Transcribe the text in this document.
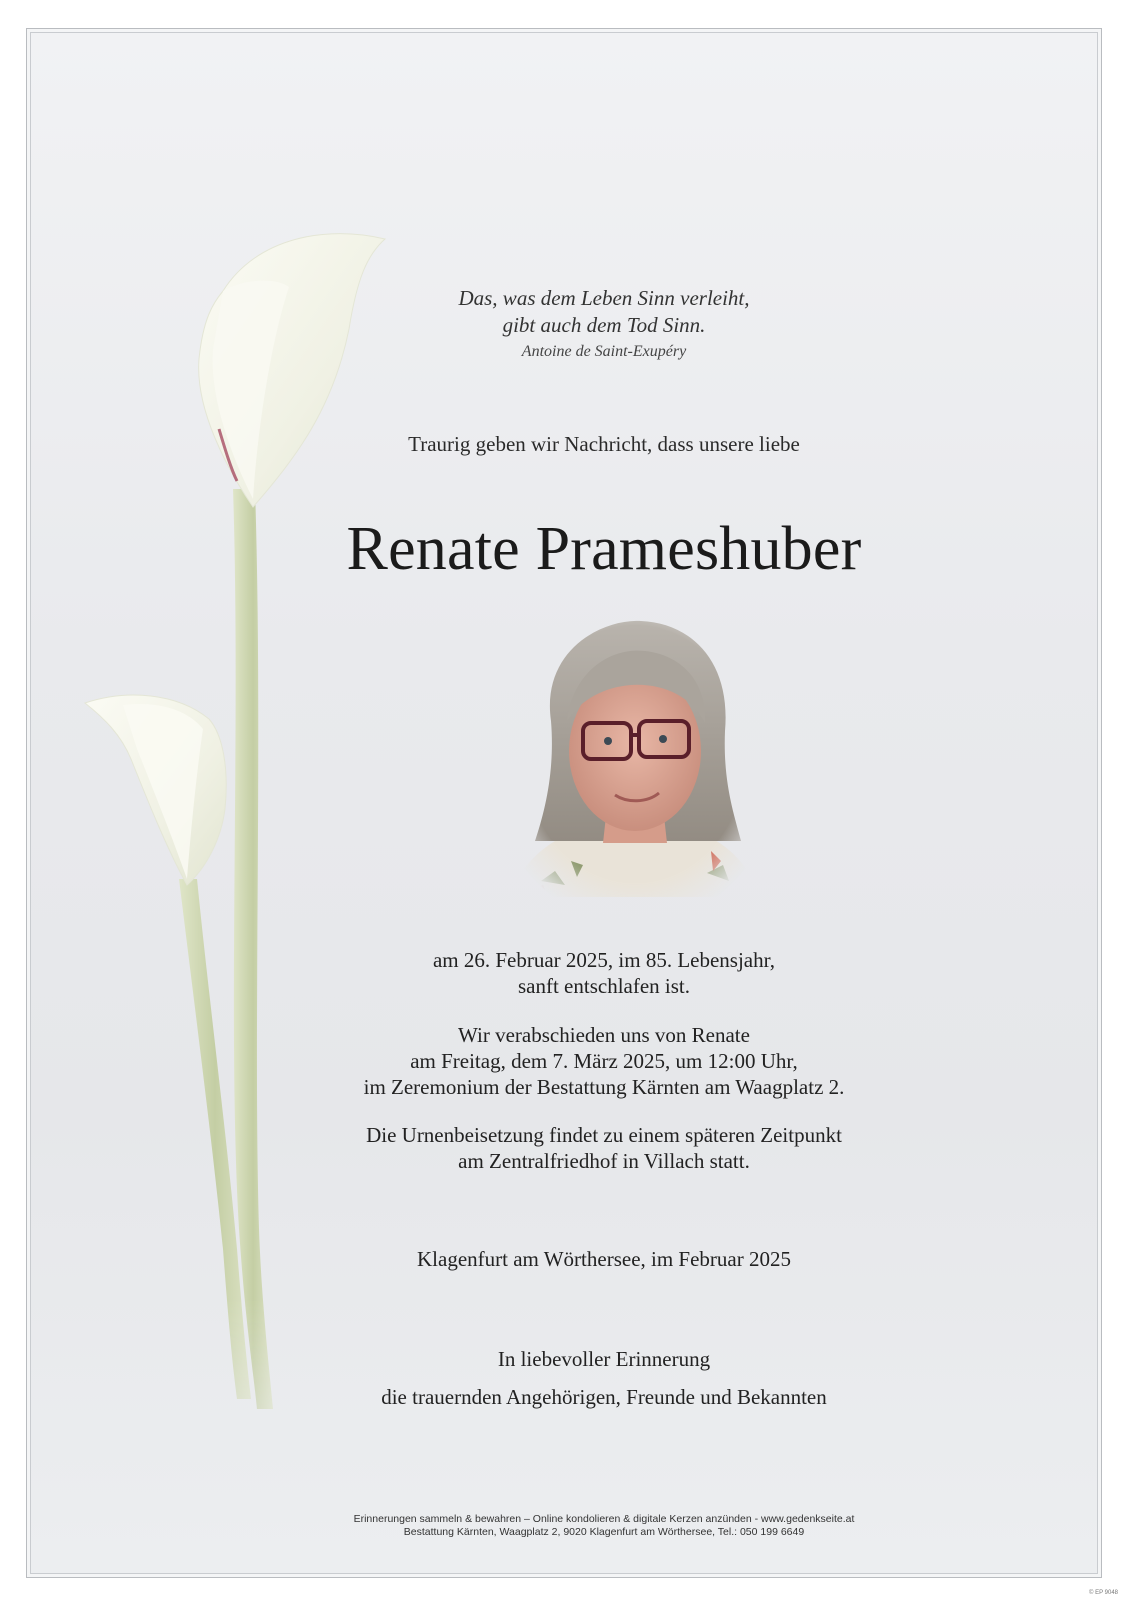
Das, was dem Leben Sinn verleiht,
gibt auch dem Tod Sinn.
Antoine de Saint-Exupéry
Traurig geben wir Nachricht, dass unsere liebe
Renate Prameshuber
am 26. Februar 2025, im 85. Lebensjahr,
sanft entschlafen ist.
Wir verabschieden uns von Renate
am Freitag, dem 7. März 2025, um 12:00 Uhr,
im Zeremonium der Bestattung Kärnten am Waagplatz 2.
Die Urnenbeisetzung findet zu einem späteren Zeitpunkt
am Zentralfriedhof in Villach statt.
Klagenfurt am Wörthersee, im Februar 2025
In liebevoller Erinnerung
die trauernden Angehörigen, Freunde und Bekannten
Erinnerungen sammeln & bewahren – Online kondolieren & digitale Kerzen anzünden - www.gedenkseite.at
Bestattung Kärnten, Waagplatz 2, 9020 Klagenfurt am Wörthersee, Tel.: 050 199 6649
© EP 9048
